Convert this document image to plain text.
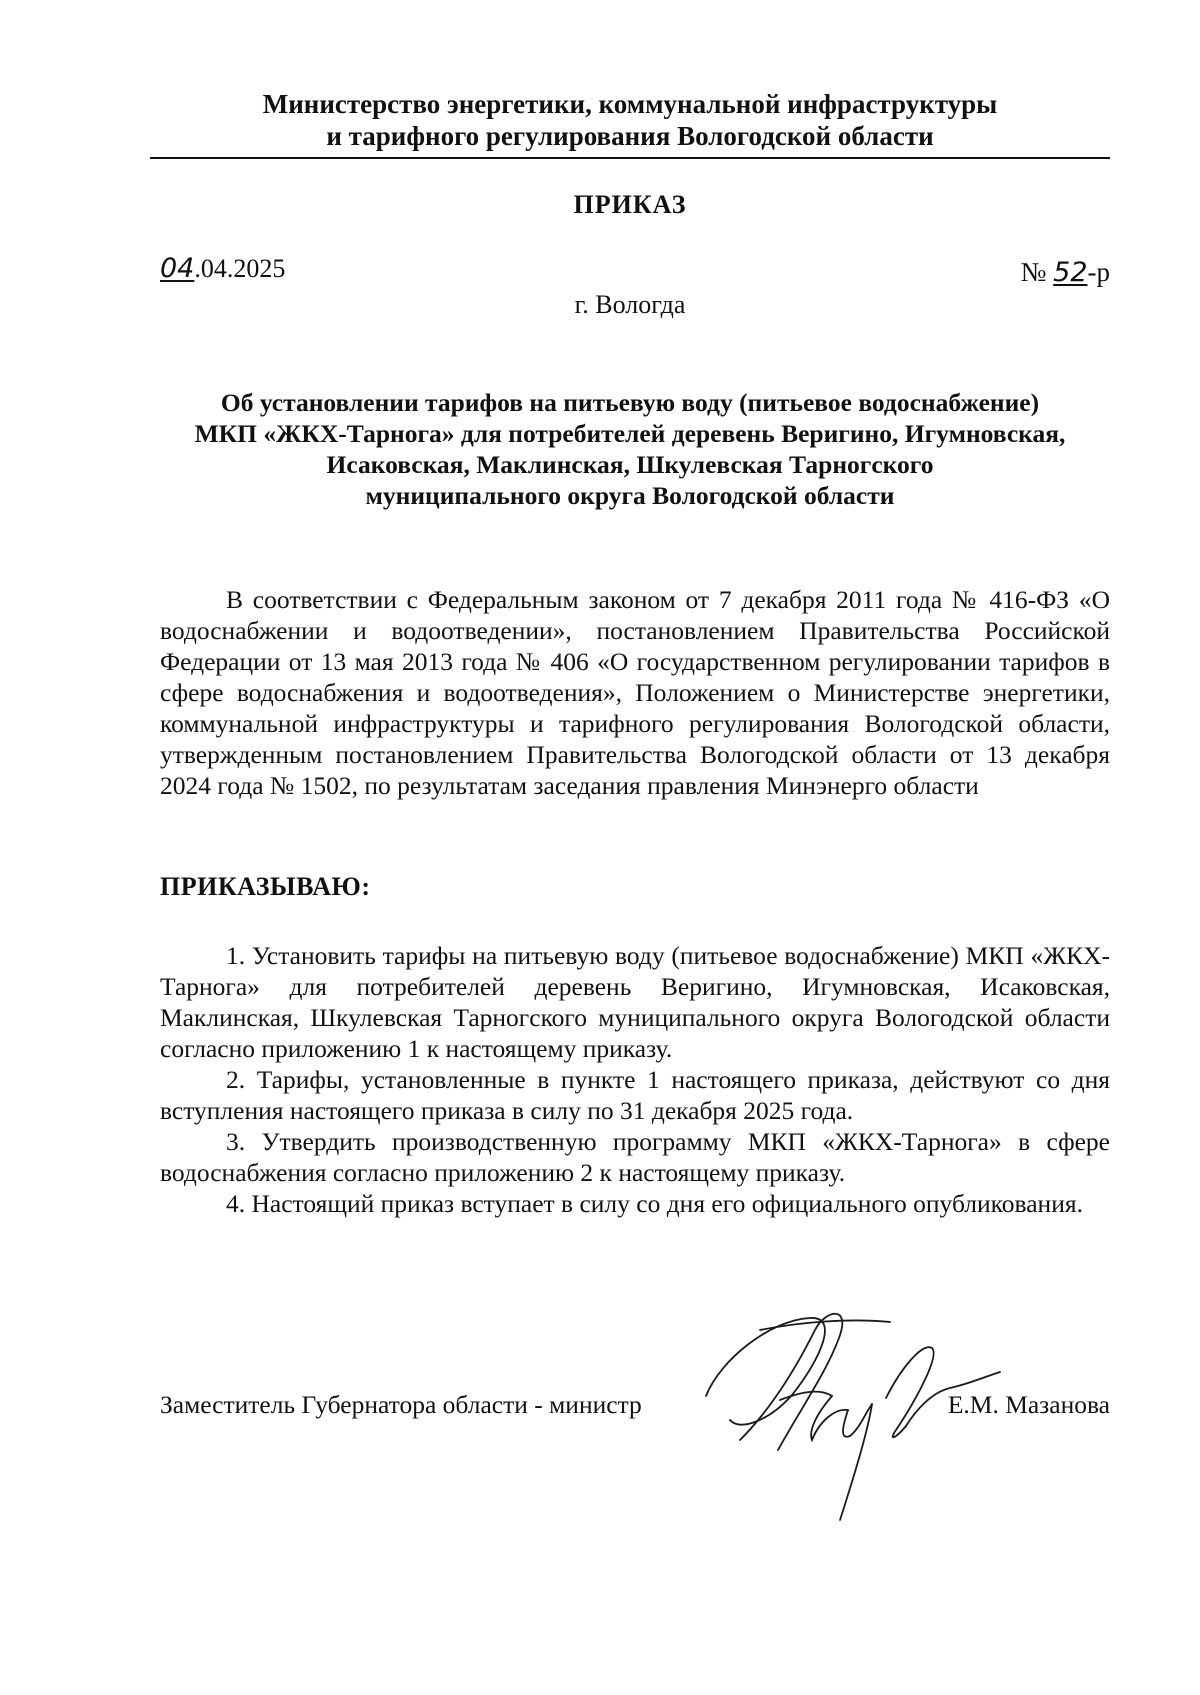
Министерство энергетики, коммунальной инфраструктуры
и тарифного регулирования Вологодской области
ПРИКАЗ
04.04.2025	№ 52-р
г. Вологда
Об установлении тарифов на питьевую воду (питьевое водоснабжение)
МКП «ЖКХ-Тарнога» для потребителей деревень Веригино, Игумновская,
Исаковская, Маклинская, Шкулевская Тарногского
муниципального округа Вологодской области

В соответствии с Федеральным законом от 7 декабря 2011 года № 416-ФЗ «О водоснабжении и водоотведении», постановлением Правительства Российской Федерации от 13 мая 2013 года № 406 «О государственном регулировании тарифов в сфере водоснабжения и водоотведения», Положением о Министерстве энергетики, коммунальной инфраструктуры и тарифного регулирования Вологодской области, утвержденным постановлением Правительства Вологодской области от 13 декабря 2024 года № 1502, по результатам заседания правления Минэнерго области

ПРИКАЗЫВАЮ:

1. Установить тарифы на питьевую воду (питьевое водоснабжение) МКП «ЖКХ-Тарнога» для потребителей деревень Веригино, Игумновская, Исаковская, Маклинская, Шкулевская Тарногского муниципального округа Вологодской области согласно приложению 1 к настоящему приказу.

2. Тарифы, установленные в пункте 1 настоящего приказа, действуют со дня вступления настоящего приказа в силу по 31 декабря 2025 года.

3. Утвердить производственную программу МКП «ЖКХ-Тарнога» в сфере водоснабжения согласно приложению 2 к настоящему приказу.

4. Настоящий приказ вступает в силу со дня его официального опубликования.

Заместитель Губернатора области - министр	Е.М. Мазанова
